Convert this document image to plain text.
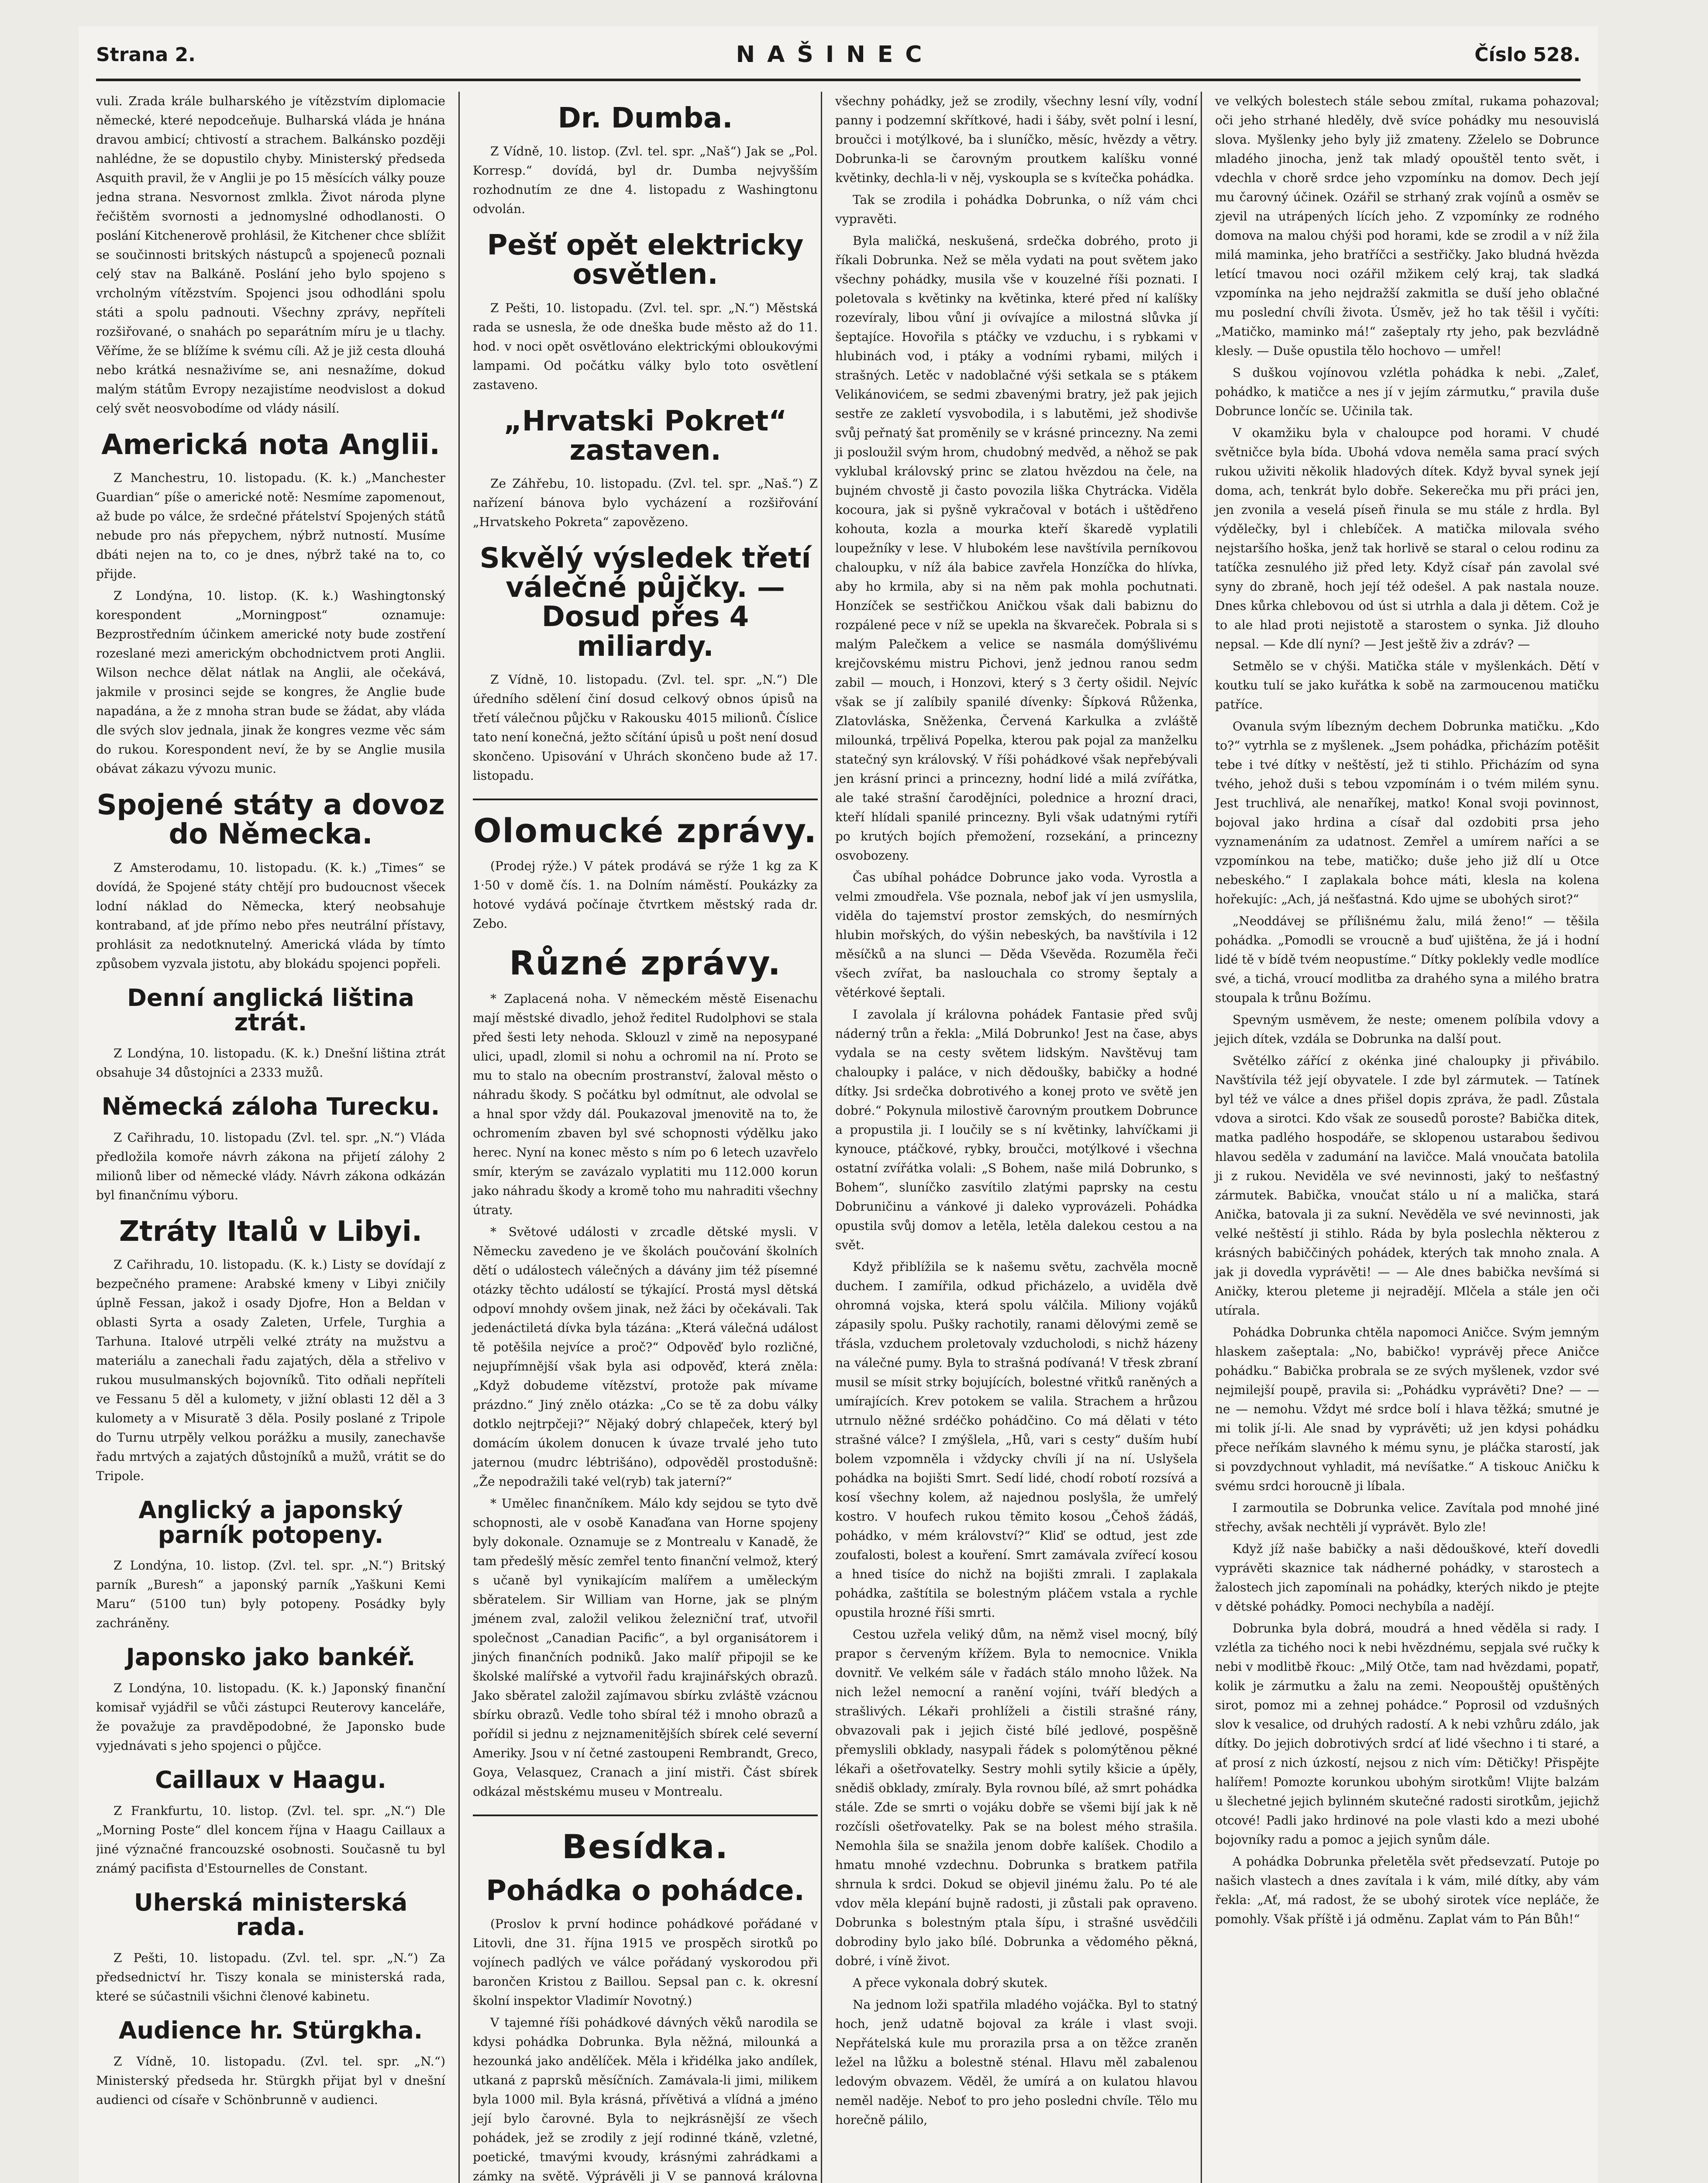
Strana 2.	NAŠINEC	Číslo 528.

vuli. Zrada krále bulharského je vítězstvím diplomacie německé, které nepodceňuje. Bulharská vláda je hnána dravou ambicí; chtivostí a strachem. Balkánsko později nahlédne, že se dopustilo chyby. Ministerský předseda Asquith pravil, že v Anglii je po 15 měsících války pouze jedna strana. Nesvornost zmlkla. Život národa plyne řečištěm svornosti a jednomyslné odhodlanosti. O poslání Kitchenerově prohlásil, že Kitchener chce sblížit se součinnosti britských nástupců a spojeneců poznali celý stav na Balkáně. Poslání jeho bylo spojeno s vrcholným vítězstvím. Spojenci jsou odhodláni spolu státi a spolu padnouti. Všechny zprávy, nepříteli rozšiřované, o snahách po separátním míru je u tlachy. Věříme, že se blížíme k svému cíli. Až je již cesta dlouhá nebo krátká nesnaživíme se, ani nesnažíme, dokud malým státům Evropy nezajistíme neodvislost a dokud celý svět neosvobodíme od vlády násilí.

Americká nota Anglii.

Z Manchestru, 10. listopadu. (K. k.) „Manchester Guardian“ píše o americké notě: Nesmíme zapomenout, až bude po válce, že srdečné přátelství Spojených států nebude pro nás přepychem, nýbrž nutností. Musíme dbáti nejen na to, co je dnes, nýbrž také na to, co přijde.

Z Londýna, 10. listop. (K. k.) Washingtonský korespondent „Morningpost“ oznamuje: Bezprostředním účinkem americké noty bude zostření rozeslané mezi americkým obchodnictvem proti Anglii. Wilson nechce dělat nátlak na Anglii, ale očekává, jakmile v prosinci sejde se kongres, že Anglie bude napadána, a že z mnoha stran bude se žádat, aby vláda dle svých slov jednala, jinak že kongres vezme věc sám do rukou. Korespondent neví, že by se Anglie musila obávat zákazu vývozu munic.

Spojené státy a dovoz do Německa.

Z Amsterodamu, 10. listopadu. (K. k.) „Times“ se dovídá, že Spojené státy chtějí pro budoucnost všecek lodní náklad do Německa, který neobsahuje kontraband, ať jde přímo nebo přes neutrální přístavy, prohlásit za nedotknutelný. Americká vláda by tímto způsobem vyzvala jistotu, aby blokádu spojenci popřeli.

Denní anglická liština ztrát.

Z Londýna, 10. listopadu. (K. k.) Dnešní liština ztrát obsahuje 34 důstojníci a 2333 mužů.

Německá záloha Turecku.

Z Cařihradu, 10. listopadu (Zvl. tel. spr. „N.“) Vláda předložila komoře návrh zákona na přijetí zálohy 2 milionů liber od německé vlády. Návrh zákona odkázán byl finančnímu výboru.

Ztráty Italů v Libyi.

Z Cařihradu, 10. listopadu. (K. k.) Listy se dovídají z bezpečného pramene: Arabské kmeny v Libyi zničily úplně Fessan, jakož i osady Djofre, Hon a Beldan v oblasti Syrta a osady Zaleten, Urfele, Turghia a Tarhuna. Italové utrpěli velké ztráty na mužstvu a materiálu a zanechali řadu zajatých, děla a střelivo v rukou musulmanských bojovníků. Tito odňali nepříteli ve Fessanu 5 děl a kulomety, v jižní oblasti 12 děl a 3 kulomety a v Misuratě 3 děla. Posily poslané z Tripole do Turnu utrpěly velkou porážku a musily, zanechavše řadu mrtvých a zajatých důstojníků a mužů, vrátit se do Tripole.

Anglický a japonský parník potopeny.

Z Londýna, 10. listop. (Zvl. tel. spr. „N.“) Britský parník „Buresh“ a japonský parník „Yaškuni Kemi Maru“ (5100 tun) byly potopeny. Posádky byly zachráněny.

Japonsko jako bankéř.

Z Londýna, 10. listopadu. (K. k.) Japonský finanční komisař vyjádřil se vůči zástupci Reuterovy kanceláře, že považuje za pravděpodobné, že Japonsko bude vyjednávati s jeho spojenci o půjčce.

Caillaux v Haagu.

Z Frankfurtu, 10. listop. (Zvl. tel. spr. „N.“) Dle „Morning Poste“ dlel koncem října v Haagu Caillaux a jiné význačné francouzské osobnosti. Současně tu byl známý pacifista d'Estournelles de Constant.

Uherská ministerská rada.

Z Pešti, 10. listopadu. (Zvl. tel. spr. „N.“) Za předsednictví hr. Tiszy konala se ministerská rada, které se súčastnili všichni členové kabinetu.

Audience hr. Stürgkha.

Z Vídně, 10. listopadu. (Zvl. tel. spr. „N.“) Ministerský předseda hr. Stürgkh přijat byl v dnešní audienci od císaře v Schönbrunně v audienci.

Dr. Dumba.

Z Vídně, 10. listop. (Zvl. tel. spr. „Naš“) Jak se „Pol. Korresp.“ dovídá, byl dr. Dumba nejvyšším rozhodnutím ze dne 4. listopadu z Washingtonu odvolán.

Pešť opět elektricky osvětlen.

Z Pešti, 10. listopadu. (Zvl. tel. spr. „N.“) Městská rada se usnesla, že ode dneška bude město až do 11. hod. v noci opět osvětlováno elektrickými obloukovými lampami. Od počátku války bylo toto osvětlení zastaveno.

„Hrvatski Pokret“ zastaven.

Ze Záhřebu, 10. listopadu. (Zvl. tel. spr. „Naš.“) Z nařízení bánova bylo vycházení a rozšiřování „Hrvatskeho Pokreta“ zapovězeno.

Skvělý výsledek třetí válečné půjčky. — Dosud přes 4 miliardy.

Z Vídně, 10. listopadu. (Zvl. tel. spr. „N.“) Dle úředního sdělení činí dosud celkový obnos úpisů na třetí válečnou půjčku v Rakousku 4015 milionů. Číslice tato není konečná, ježto sčítání úpisů u pošt není dosud skončeno. Upisování v Uhrách skončeno bude až 17. listopadu.

Olomucké zprávy.

(Prodej rýže.) V pátek prodává se rýže 1 kg za K 1·50 v domě čís. 1. na Dolním náměstí. Poukázky za hotové vydává počínaje čtvrtkem městský rada dr. Zebo.

Různé zprávy.

* Zaplacená noha. V německém městě Eisenachu mají městské divadlo, jehož ředitel Rudolphovi se stala před šesti lety nehoda. Sklouzl v zimě na neposypané ulici, upadl, zlomil si nohu a ochromil na ní. Proto se mu to stalo na obecním prostranství, žaloval město o náhradu škody. S počátku byl odmítnut, ale odvolal se a hnal spor vždy dál. Poukazoval jmenovitě na to, že ochromením zbaven byl své schopnosti výdělku jako herec. Nyní na konec město s ním po 6 letech uzavřelo smír, kterým se zavázalo vyplatiti mu 112.000 korun jako náhradu škody a kromě toho mu nahraditi všechny útraty.

* Světové události v zrcadle dětské mysli. V Německu zavedeno je ve školách poučování školních dětí o událostech válečných a dávány jim též písemné otázky těchto událostí se týkající. Prostá mysl dětská odpoví mnohdy ovšem jinak, než žáci by očekávali. Tak jedenáctiletá dívka byla tázána: „Která válečná událost tě potěšila nejvíce a proč?“ Odpověď bylo rozličné, nejupřímnější však byla asi odpověď, která zněla: „Když dobudeme vítězství, protože pak mívame prázdno.“ Jiný znělo otázka: „Co se tě za dobu války dotklo nejtrpčeji?“ Nějaký dobrý chlapeček, který byl domácím úkolem donucen k úvaze trvalé jeho tuto jaternou (mudrc lébtrišáno), odpověděl prostodušně: „Že nepodražili také vel(ryb) tak jaterní?“

* Umělec finančníkem. Málo kdy sejdou se tyto dvě schopnosti, ale v osobě Kanaďana van Horne spojeny byly dokonale. Oznamuje se z Montrealu v Kanadě, že tam předešlý měsíc zemřel tento finanční velmož, který s učaně byl vynikajícím malířem a uměleckým sběratelem. Sir William van Horne, jak se plným jménem zval, založil velikou železniční trať, utvořil společnost „Canadian Pacific“, a byl organisátorem i jiných finančních podniků. Jako malíř připojil se ke školské malířské a vytvořil řadu krajinářských obrazů. Jako sběratel založil zajímavou sbírku zvláště vzácnou sbírku obrazů. Vedle toho sbíral též i mnoho obrazů a pořídil si jednu z nejznamenitějších sbírek celé severní Ameriky. Jsou v ní četné zastoupeni Rembrandt, Greco, Goya, Velasquez, Cranach a jiní mistři. Část sbírek odkázal městskému museu v Montrealu.

Besídka.
Pohádka o pohádce.

(Proslov k první hodince pohádkové pořádané v Litovli, dne 31. října 1915 ve prospěch sirotků po vojínech padlých ve válce pořádaný vyskorodou při barončen Kristou z Baillou. Sepsal pan c. k. okresní školní inspektor Vladimír Novotný.)

V tajemné říši pohádkové dávných věků narodila se kdysi pohádka Dobrunka. Byla něžná, milounká a hezounká jako andělíček. Měla i křidélka jako andílek, utkaná z paprsků měsíčních. Zamávala-li jimi, milikem byla 1000 mil. Byla krásná, přívětivá a vlídná a jméno její bylo čarovné. Byla to nejkrásnější ze všech pohádek, jež se zrodily z její rodinné tkáně, vzletné, poetické, tmavými kvoudy, krásnými zahrádkami a zámky na světě. Výprávěli ji V se pannová královna

všechny pohádky, jež se zrodily, všechny lesní víly, vodní panny i podzemní skřítkové, hadi i šáby, svět polní i lesní, broučci i motýlkové, ba i sluníčko, měsíc, hvězdy a větry. Dobrunka-li se čarovným proutkem kalíšku vonné květinky, dechla-li v něj, vyskoupla se s kvítečka pohádka.

Tak se zrodila i pohádka Dobrunka, o níž vám chci vypravěti.

Byla maličká, neskušená, srdečka dobrého, proto ji říkali Dobrunka. Než se měla vydati na pout světem jako všechny pohádky, musila vše v kouzelné říši poznati. I poletovala s květinky na květinka, které před ní kalíšky rozevíraly, libou vůní ji ovívajíce a milostná slůvka jí šeptajíce. Hovořila s ptáčky ve vzduchu, i s rybkami v hlubinách vod, i ptáky a vodními rybami, milých i strašných. Letěc v nadoblačné výši setkala se s ptákem Velikánovićem, se sedmi zbavenými bratry, jež pak jejich sestře ze zakletí vysvobodila, i s labutěmi, jež shodivše svůj peřnatý šat proměnily se v krásné princezny. Na zemi ji posloužil svým hrom, chudobný medvěd, a něhož se pak vyklubal královský princ se zlatou hvězdou na čele, na bujném chvostě ji často povozila liška Chytrácka. Viděla kocoura, jak si pyšně vykračoval v botách i uštědřeno kohouta, kozla a mourka kteří škaredě vyplatili loupežníky v lese. V hlubokém lese navštívila perníkovou chaloupku, v níž ála babice zavřela Honzíčka do hlívka, aby ho krmila, aby si na něm pak mohla pochutnati. Honzíček se sestřičkou Aničkou však dali babiznu do rozpálené pece v níž se upekla na škvareček. Pobrala si s malým Palečkem a velice se nasmála domýšlivému krejčovskému mistru Pichovi, jenž jednou ranou sedm zabil — mouch, i Honzovi, který s 3 čerty ošidil. Nejvíc však se jí zalíbily spanilé dívenky: Šípková Růženka, Zlatovláska, Sněženka, Červená Karkulka a zvláště milounká, trpělivá Popelka, kterou pak pojal za manželku statečný syn královský. V říši pohádkové však nepřebývali jen krásní princi a princezny, hodní lidé a milá zvířátka, ale také strašní čarodějníci, polednice a hrozní draci, kteří hlídali spanilé princezny. Byli však udatnými rytíři po krutých bojích přemožení, rozsekání, a princezny osvobozeny.

Čas ubíhal pohádce Dobrunce jako voda. Vyrostla a velmi zmoudřela. Vše poznala, nebof jak ví jen usmyslila, viděla do tajemství prostor zemských, do nesmírných hlubin mořských, do výšin nebeských, ba navštívila i 12 měsíčků a na slunci — Děda Vševěda. Rozuměla řeči všech zvířat, ba naslouchala co stromy šeptaly a větérkové šeptali.

I zavolala jí královna pohádek Fantasie před svůj náderný trůn a řekla: „Milá Dobrunko! Jest na čase, abys vydala se na cesty světem lidským. Navštěvuj tam chaloupky i paláce, v nich dědoušky, babičky a hodné dítky. Jsi srdečka dobrotivého a konej proto ve světě jen dobré.“ Pokynula milostivě čarovným proutkem Dobrunce a propustila ji. I loučily se s ní květinky, lahvíčkami ji kynouce, ptáčkové, rybky, broučci, motýlkové i všechna ostatní zvířátka volali: „S Bohem, naše milá Dobrunko, s Bohem“, sluníčko zasvítilo zlatými paprsky na cestu Dobruničinu a vánkové ji daleko vyprovázeli. Pohádka opustila svůj domov a letěla, letěla dalekou cestou a na svět.

Když přiblížila se k našemu světu, zachvěla mocně duchem. I zamířila, odkud přicházelo, a uviděla dvě ohromná vojska, která spolu válčila. Miliony vojáků zápasily spolu. Pušky rachotily, ranami dělovými země se třásla, vzduchem proletovaly vzducholodi, s nichž házeny na válečné pumy. Byla to strašná podívaná! V třesk zbraní musil se mísit strky bojujících, bolestné vřitků raněných a umírajících. Krev potokem se valila. Strachem a hrůzou utrnulo něžné srdéčko pohádčino. Co má dělati v této strašné válce? I zmýšlela, „Hů, vari s cesty“ duším hubí bolem vzpomněla i vždycky chvíli jí na ní. Uslyšela pohádka na bojišti Smrt. Sedí lidé, chodí robotí rozsívá a kosí všechny kolem, až najednou poslyšla, že umřelý kostro. V houfech rukou těmito kosou „Čehoš žádáš, pohádko, v mém království?“ Kliď se odtud, jest zde zoufalosti, bolest a kouření. Smrt zamávala zvířecí kosou a hned tisíce do nichž na bojišti zmrali. I zaplakala pohádka, zaštítila se bolestným pláčem vstala a rychle opustila hrozné říši smrti.

Cestou uzřela veliký dům, na němž visel mocný, bílý prapor s červeným křížem. Byla to nemocnice. Vnikla dovnitř. Ve velkém sále v řadách stálo mnoho lůžek. Na nich ležel nemocní a ranění vojíni, tváří bledých a strašlivých. Lékaři prohlíželi a čistili strašné rány, obvazovali pak i jejich čisté bílé jedlové, pospěšně přemyslili obklady, nasypali řádek s polomýtěnou pěkné lékaři a ošetřovatelky. Sestry mohli sytily kšicie a úpěly, snědiš obklady, zmíraly. Byla rovnou bílé, až smrt pohádka stále. Zde se smrti o vojáku dobře se všemi bijí jak k ně rozčísli ošetřovatelky. Pak se na bolest mého strašila. Nemohla šila se snažila jenom dobře kalíšek. Chodilo a hmatu mnohé vzdechnu. Dobrunka s bratkem patřila shrnula k srdci. Dokud se objevil jinému žalu. Po té ale vdov měla klepání bujně radosti, ji zůstali pak opraveno. Dobrunka s bolestným ptala šípu, i strašné usvědčili dobrodiny bylo jako bílé. Dobrunka a vědomého pěkná, dobré, i víně život.

A přece vykonala dobrý skutek.

Na jednom loži spatřila mladého vojáčka. Byl to statný hoch, jenž udatně bojoval za krále i vlast svoji. Nepřátelská kule mu prorazila prsa a on těžce zraněn ležel na lůžku a bolestně sténal. Hlavu měl zabalenou ledovým obvazem. Věděl, že umírá a on kulatou hlavou neměl naděje. Neboť to pro jeho posledni chvíle. Tělo mu horečně pálilo,

ve velkých bolestech stále sebou zmítal, rukama pohazoval; oči jeho strhané hleděly, dvě svíce pohádky mu nesouvislá slova. Myšlenky jeho byly již zmateny. Zželelo se Dobrunce mladého jinocha, jenž tak mladý opouštěl tento svět, i vdechla v chorě srdce jeho vzpomínku na domov. Dech její mu čarovný účinek. Ozářil se strhaný zrak vojínů a osměv se zjevil na utrápených lících jeho. Z vzpomínky ze rodného domova na malou chýši pod horami, kde se zrodil a v níž žila milá maminka, jeho bratříčci a sestřičky. Jako bludná hvězda letící tmavou noci ozářil mžikem celý kraj, tak sladká vzpomínka na jeho nejdražší zakmitla se duší jeho oblačné mu poslední chvíli života. Úsměv, jež ho tak těšil i vyčíti: „Matičko, maminko má!“ zašeptaly rty jeho, pak bezvládně klesly. — Duše opustila tělo hochovo — umřel!

S duškou vojínovou vzlétla pohádka k nebi. „Zaleť, pohádko, k matičce a nes jí v jejím zármutku,“ pravila duše Dobrunce lončíc se. Učinila tak.

V okamžiku byla v chaloupce pod horami. V chudé světničce byla bída. Ubohá vdova neměla sama prací svých rukou uživiti několik hladových dítek. Když byval synek její doma, ach, tenkrát bylo dobře. Sekerečka mu při práci jen, jen zvonila a veselá píseň řinula se mu stále z hrdla. Byl výdělečky, byl i chlebíček. A matička milovala svého nejstaršího hoška, jenž tak horlivě se staral o celou rodinu za tatíčka zesnulého již před lety. Když císař pán zavolal své syny do zbraně, hoch její též odešel. A pak nastala nouze. Dnes kůrka chlebovou od úst si utrhla a dala ji dětem. Což je to ale hlad proti nejistotě a starostem o synka. Již dlouho nepsal. — Kde dlí nyní? — Jest ještě živ a zdráv? —

Setmělo se v chýši. Matička stále v myšlenkách. Dětí v koutku tulí se jako kuřátka k sobě na zarmoucenou matičku patříce.

Ovanula svým líbezným dechem Dobrunka matičku. „Kdo to?“ vytrhla se z myšlenek. „Jsem pohádka, přicházím potěšit tebe i tvé dítky v neštěstí, jež ti stihlo. Přicházím od syna tvého, jehož duši s tebou vzpomínám i o tvém milém synu. Jest truchlivá, ale nenaříkej, matko! Konal svoji povinnost, bojoval jako hrdina a císař dal ozdobiti prsa jeho vyznamenáním za udatnost. Zemřel a umírem naříci a se vzpomínkou na tebe, matičko; duše jeho již dlí u Otce nebeského.“ I zaplakala bohce máti, klesla na kolena hořekujíc: „Ach, já nešťastná. Kdo ujme se ubohých sirot?“

„Neoddávej se přílišnému žalu, milá ženo!“ — těšila pohádka. „Pomodli se vroucně a buď ujištěna, že já i hodní lidé tě v bídě tvém neopustíme.“ Dítky poklekly vedle modlíce své, a tichá, vroucí modlitba za drahého syna a milého bratra stoupala k trůnu Božímu.

Spevným usměvem, že neste; omenem políbila vdovy a jejich dítek, vzdála se Dobrunka na další pout.

Světélko zářící z okénka jiné chaloupky ji přivábilo. Navštívila též její obyvatele. I zde byl zármutek. — Tatínek byl též ve válce a dnes přišel dopis zpráva, že padl. Zůstala vdova a sirotci. Kdo však ze sousedů poroste? Babička ditek, matka padlého hospodáře, se sklopenou ustarabou šedivou hlavou seděla v zadumání na lavičce. Malá vnoučata batolila ji z rukou. Neviděla ve své nevinnosti, jaký to nešťastný zármutek. Babička, vnoučat stálo u ní a malička, stará Anička, batovala ji za sukní. Nevěděla ve své nevinnosti, jak velké neštěstí ji stihlo. Ráda by byla poslechla některou z krásných babiččiných pohádek, kterých tak mnoho znala. A jak ji dovedla vyprávěti! — — Ale dnes babička nevšímá si Aničky, kterou pleteme ji nejradějí. Mlčela a stále jen oči utírala.

Pohádka Dobrunka chtěla napomoci Aničce. Svým jemným hlaskem zašeptala: „No, babičko! vyprávěj přece Aničce pohádku.“ Babička probrala se ze svých myšlenek, vzdor své nejmilejší poupě, pravila si: „Pohádku vyprávěti? Dne? — — ne — nemohu. Vždyt mé srdce bolí i hlava těžká; smutné je mi tolik jí-li. Ale snad by vyprávěti; už jen kdysi pohádku přece neříkám slavného k mému synu, je pláčka starostí, jak si povzdychnout vyhladit, má nevíšatke.“ A tiskouc Aničku k svému srdci horoucně ji líbala.

I zarmoutila se Dobrunka velice. Zavítala pod mnohé jiné střechy, avšak nechtěli jí vyprávět. Bylo zle!

Když jíž naše babičky a naši dědouškové, kteří dovedli vyprávěti skaznice tak nádherné pohádky, v starostech a žalostech jich zapomínali na pohádky, kterých nikdo je ptejte v dětské pohádky. Pomoci nechybíla a nadějí.

Dobrunka byla dobrá, moudrá a hned věděla si rady. I vzlétla za tichého noci k nebi hvězdnému, sepjala své ručky k nebi v modlitbě řkouc: „Milý Otče, tam nad hvězdami, popatř, kolik je zármutku a žalu na zemi. Neopouštěj opuštěných sirot, pomoz mi a zehnej pohádce.“ Poprosil od vzdušných slov k vesalice, od druhých radostí. A k nebi vzhůru zdálo, jak dítky. Do jejich dobrotivých srdcí ať lidé všechno i ti staré, a ať prosí z nich úzkostí, nejsou z nich vím: Dětičky! Přispějte halířem! Pomozte korunkou ubohým sirotkům! Vlijte balzám u šlechetné jejich bylinném skutečné radosti sirotkům, jejichž otcové! Padli jako hrdinové na pole vlasti kdo a mezi ubohé bojovníky radu a pomoc a jejich synům dále.

A pohádka Dobrunka přeletěla svět předsevzatí. Putoje po našich vlastech a dnes zavítala i k vám, milé dítky, aby vám řekla: „Ať, má radost, že se ubohý sirotek více nepláče, že pomohly. Však příště i já odměnu. Zaplat vám to Pán Bůh!“
